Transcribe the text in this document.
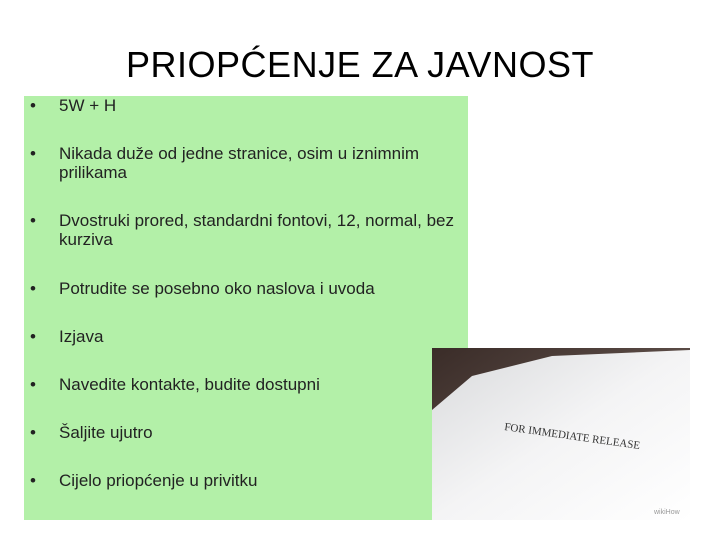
PRIOPĆENJE ZA JAVNOST
• 5W + H
• Nikada duže od jedne stranice, osim u iznimnim prilikama
• Dvostruki prored, standardni fontovi, 12, normal, bez kurziva
• Potrudite se posebno oko naslova i uvoda
• Izjava
• Navedite kontakte, budite dostupni
• Šaljite ujutro
• Cijelo priopćenje u privitku
FOR IMMEDIATE RELEASE
wikiHow
